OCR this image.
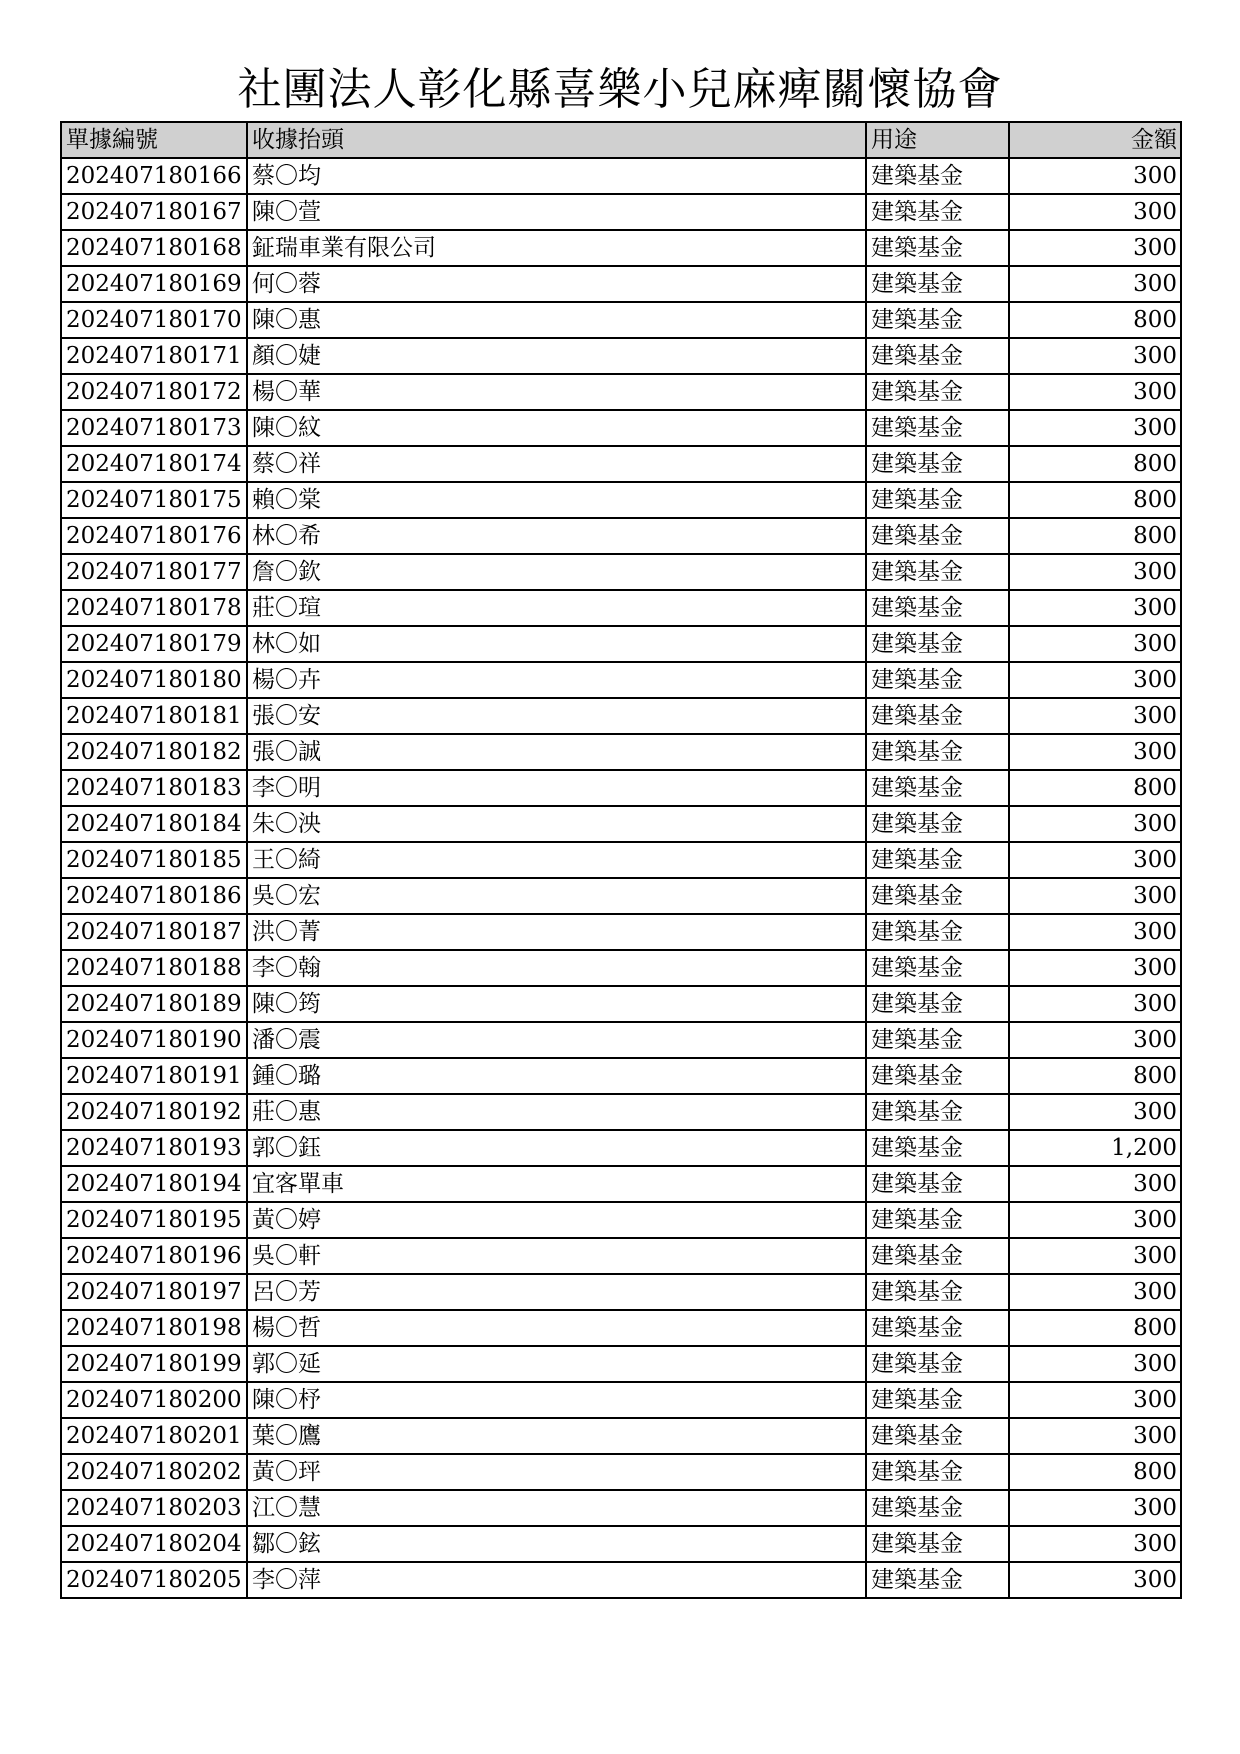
社團法人彰化縣喜樂小兒麻痺關懷協會
單據編號	收據抬頭	用途	金額
202407180166	蔡〇均	建築基金	300
202407180167	陳〇萱	建築基金	300
202407180168	鉦瑞車業有限公司	建築基金	300
202407180169	何〇蓉	建築基金	300
202407180170	陳〇惠	建築基金	800
202407180171	顏〇婕	建築基金	300
202407180172	楊〇華	建築基金	300
202407180173	陳〇紋	建築基金	300
202407180174	蔡〇祥	建築基金	800
202407180175	賴〇棠	建築基金	800
202407180176	林〇希	建築基金	800
202407180177	詹〇欽	建築基金	300
202407180178	莊〇瑄	建築基金	300
202407180179	林〇如	建築基金	300
202407180180	楊〇卉	建築基金	300
202407180181	張〇安	建築基金	300
202407180182	張〇誠	建築基金	300
202407180183	李〇明	建築基金	800
202407180184	朱〇泱	建築基金	300
202407180185	王〇綺	建築基金	300
202407180186	吳〇宏	建築基金	300
202407180187	洪〇菁	建築基金	300
202407180188	李〇翰	建築基金	300
202407180189	陳〇筠	建築基金	300
202407180190	潘〇震	建築基金	300
202407180191	鍾〇璐	建築基金	800
202407180192	莊〇惠	建築基金	300
202407180193	郭〇鈺	建築基金	1,200
202407180194	宜客單車	建築基金	300
202407180195	黃〇婷	建築基金	300
202407180196	吳〇軒	建築基金	300
202407180197	呂〇芳	建築基金	300
202407180198	楊〇哲	建築基金	800
202407180199	郭〇延	建築基金	300
202407180200	陳〇杼	建築基金	300
202407180201	葉〇鷹	建築基金	300
202407180202	黃〇玶	建築基金	800
202407180203	江〇慧	建築基金	300
202407180204	鄒〇鉉	建築基金	300
202407180205	李〇萍	建築基金	300
